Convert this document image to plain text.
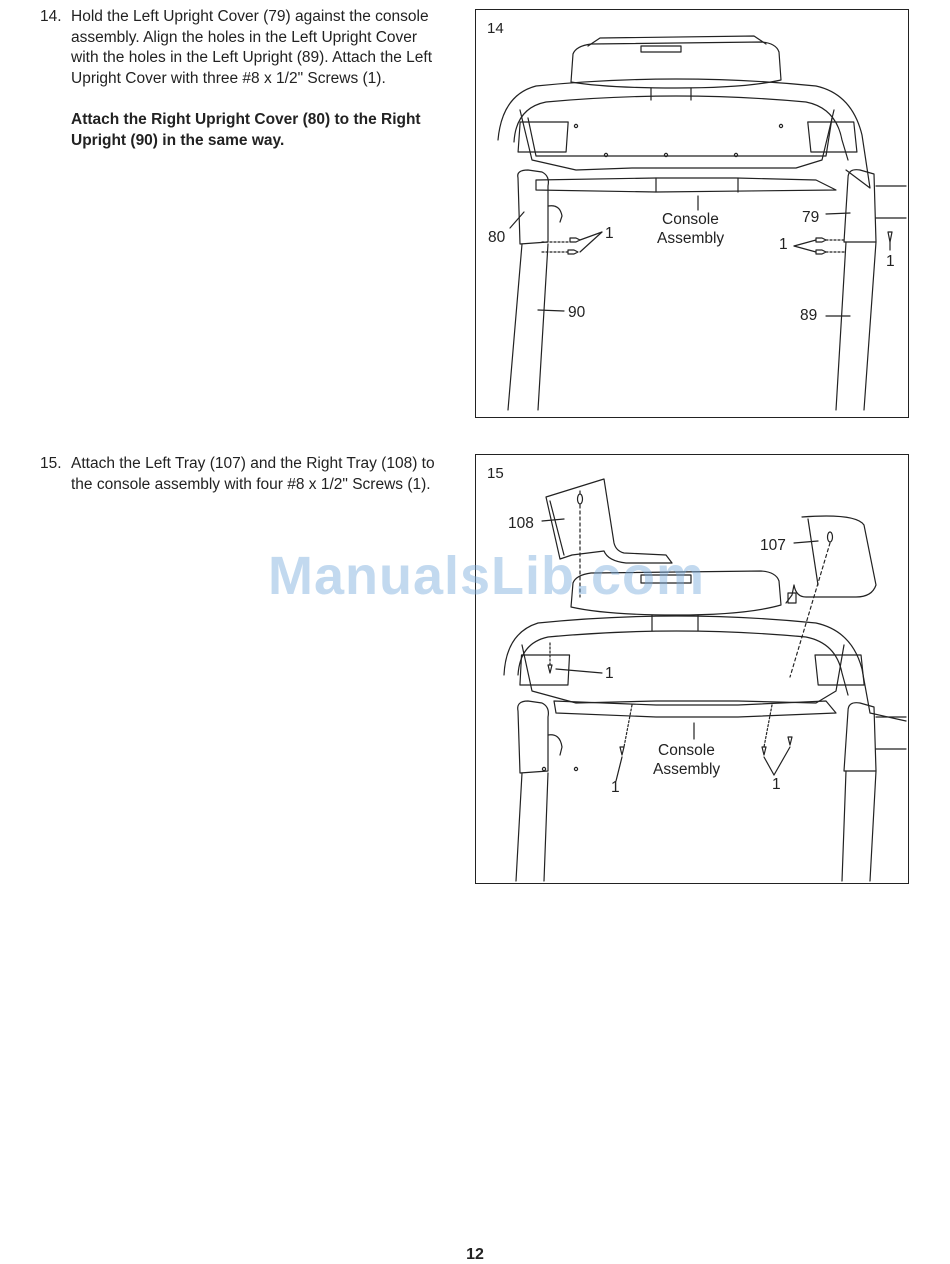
14. Hold the Left Upright Cover (79) against the console assembly. Align the holes in the Left Upright Cover with the holes in the Left Upright (89). Attach the Left Upright Cover with three #8 x 1/2" Screws (1).

Attach the Right Upright Cover (80) to the Right Upright (90) in the same way.

15. Attach the Left Tray (107) and the Right Tray (108) to the console assembly with four #8 x 1/2" Screws (1).

14
Console
Assembly
79
80
89
90
1
1
1
15
Console
Assembly
108
107
1
1	1
ManualsLib.com
12
